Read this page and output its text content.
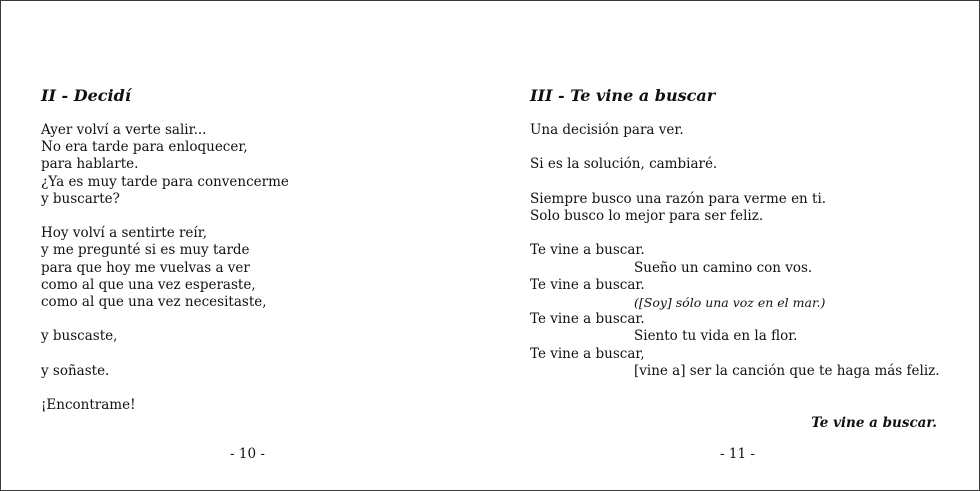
II - Decidí
Ayer volví a verte salir...
No era tarde para enloquecer,
para hablarte.
¿Ya es muy tarde para convencerme
y buscarte?
Hoy volví a sentirte reír,
y me pregunté si es muy tarde
para que hoy me vuelvas a ver
como al que una vez esperaste,
como al que una vez necesitaste,
y buscaste,
y soñaste.
¡Encontrame!
- 10 -
III - Te vine a buscar
Una decisión para ver.
Si es la solución, cambiaré.
Siempre busco una razón para verme en ti.
Solo busco lo mejor para ser feliz.
Te vine a buscar.
Sueño un camino con vos.
Te vine a buscar.
([Soy] sólo una voz en el mar.)
Te vine a buscar.
Siento tu vida en la flor.
Te vine a buscar,
[vine a] ser la canción que te haga más feliz.
Te vine a buscar.
- 11 -
